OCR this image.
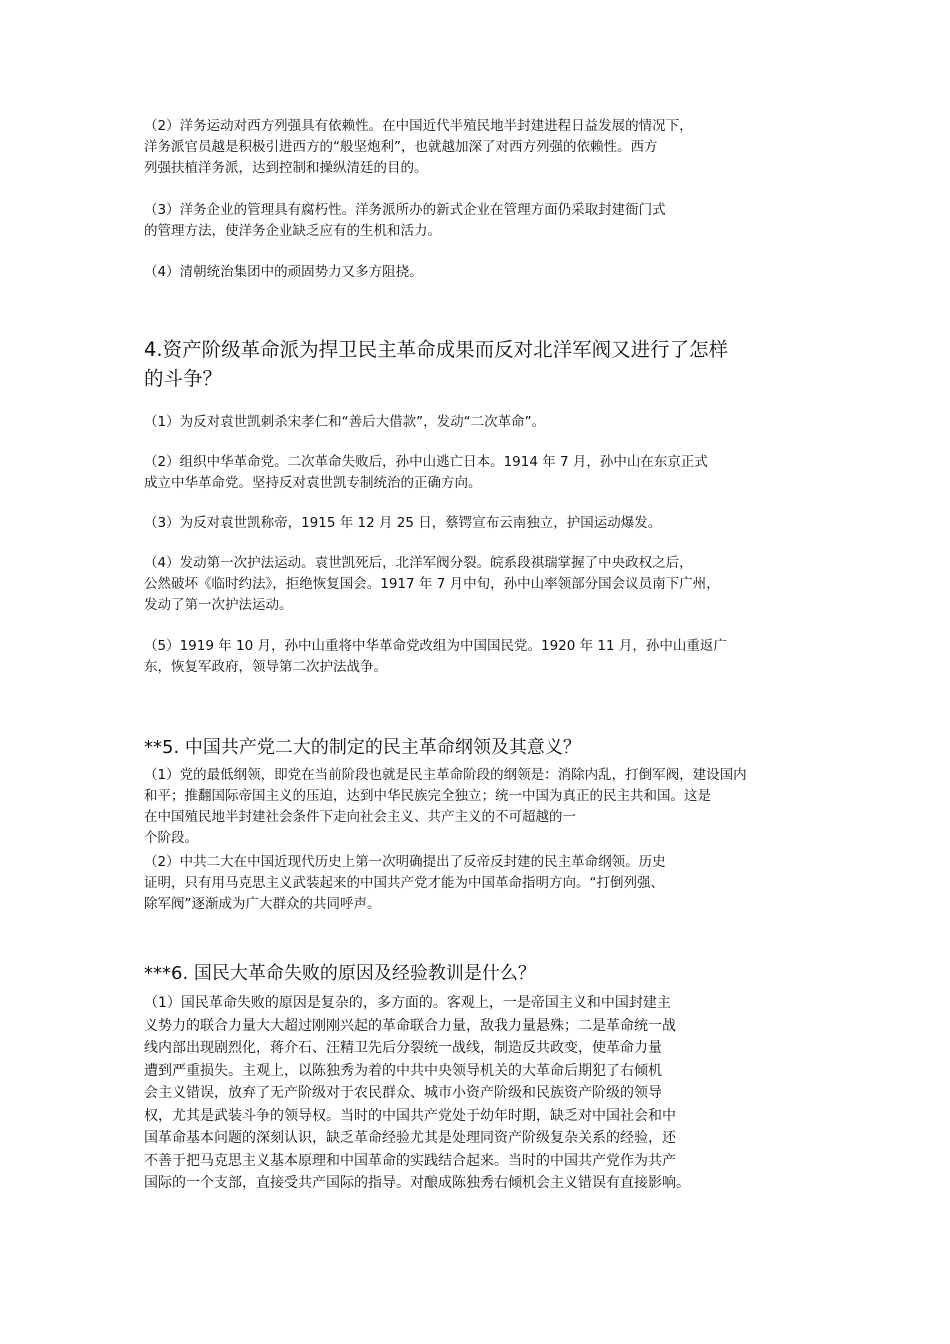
（2）洋务运动对西方列强具有依赖性。在中国近代半殖民地半封建进程日益发展的情况下，
洋务派官员越是积极引进西方的“般坚炮利”，也就越加深了对西方列强的依赖性。西方
列强扶植洋务派，达到控制和操纵清廷的目的。
（3）洋务企业的管理具有腐朽性。洋务派所办的新式企业在管理方面仍采取封建衙门式
的管理方法，使洋务企业缺乏应有的生机和活力。
（4）清朝统治集团中的顽固势力又多方阻挠。
4.资产阶级革命派为捍卫民主革命成果而反对北洋军阀又进行了怎样
的斗争？
（1）为反对袁世凯刺杀宋孝仁和“善后大借款”，发动“二次革命”。
（2）组织中华革命党。二次革命失败后，孙中山逃亡日本。1914 年 7 月，孙中山在东京正式
成立中华革命党。坚持反对袁世凯专制统治的正确方向。
（3）为反对袁世凯称帝，1915 年 12 月 25 日，蔡锷宣布云南独立，护国运动爆发。
（4）发动第一次护法运动。袁世凯死后，北洋军阀分裂。皖系段祺瑞掌握了中央政权之后，
公然破坏《临时约法》，拒绝恢复国会。1917 年 7 月中旬，孙中山率领部分国会议员南下广州，
发动了第一次护法运动。
（5）1919 年 10 月，孙中山重将中华革命党改组为中国国民党。1920 年 11 月，孙中山重返广
东，恢复军政府，领导第二次护法战争。
**5. 中国共产党二大的制定的民主革命纲领及其意义？
（1）党的最低纲领，即党在当前阶段也就是民主革命阶段的纲领是：消除内乱，打倒军阀，建设国内
和平；推翻国际帝国主义的压迫，达到中华民族完全独立；统一中国为真正的民主共和国。这是
在中国殖民地半封建社会条件下走向社会主义、共产主义的不可超越的一
个阶段。
（2）中共二大在中国近现代历史上第一次明确提出了反帝反封建的民主革命纲领。历史
证明，只有用马克思主义武装起来的中国共产党才能为中国革命指明方向。“打倒列强、
除军阀”逐渐成为广大群众的共同呼声。
***6. 国民大革命失败的原因及经验教训是什么？
（1）国民革命失败的原因是复杂的，多方面的。客观上，一是帝国主义和中国封建主
义势力的联合力量大大超过刚刚兴起的革命联合力量，敌我力量悬殊；二是革命统一战
线内部出现剧烈化，蒋介石、汪精卫先后分裂统一战线，制造反共政变，使革命力量
遭到严重损失。主观上，以陈独秀为着的中共中央领导机关的大革命后期犯了右倾机
会主义错误，放弃了无产阶级对于农民群众、城市小资产阶级和民族资产阶级的领导
权，尤其是武装斗争的领导权。当时的中国共产党处于幼年时期，缺乏对中国社会和中
国革命基本问题的深刻认识，缺乏革命经验尤其是处理同资产阶级复杂关系的经验，还
不善于把马克思主义基本原理和中国革命的实践结合起来。当时的中国共产党作为共产
国际的一个支部，直接受共产国际的指导。对酿成陈独秀右倾机会主义错误有直接影响。
